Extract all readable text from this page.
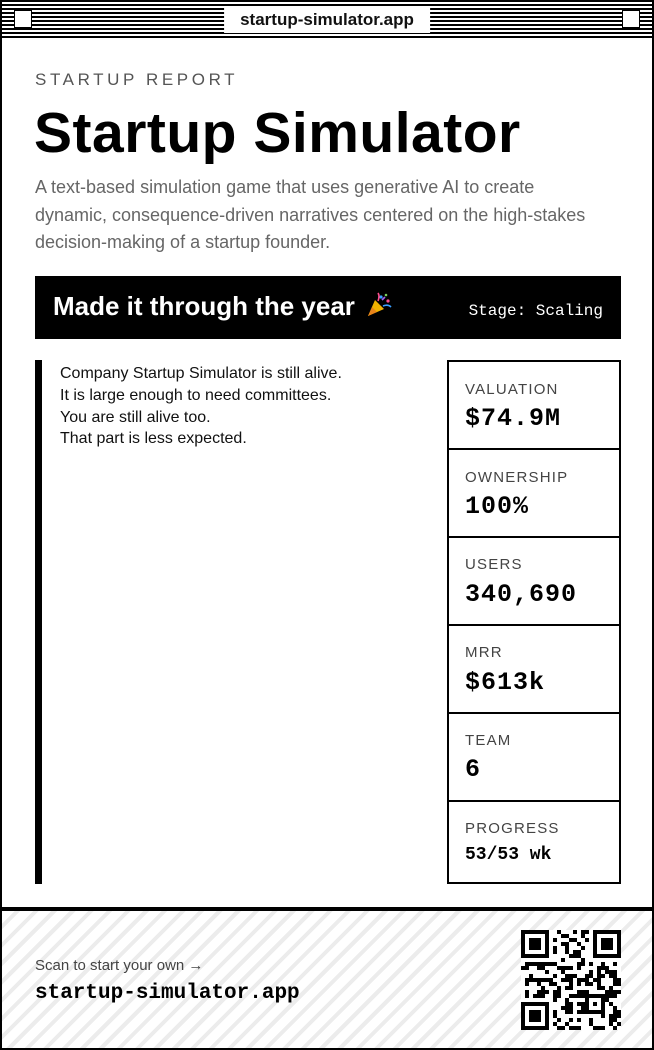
startup-simulator.app
STARTUP REPORT
Startup Simulator
A text-based simulation game that uses generative AI to create dynamic, consequence-driven narratives centered on the high-stakes decision-making of a startup founder.
Made it through the year	Stage: Scaling
Company Startup Simulator is still alive.
It is large enough to need committees.
You are still alive too.
That part is less expected.
VALUATION
$74.9M
OWNERSHIP
100%
USERS
340,690
MRR
$613k
TEAM
6
PROGRESS
53/53 wk
Scan to start your own →
startup-simulator.app
